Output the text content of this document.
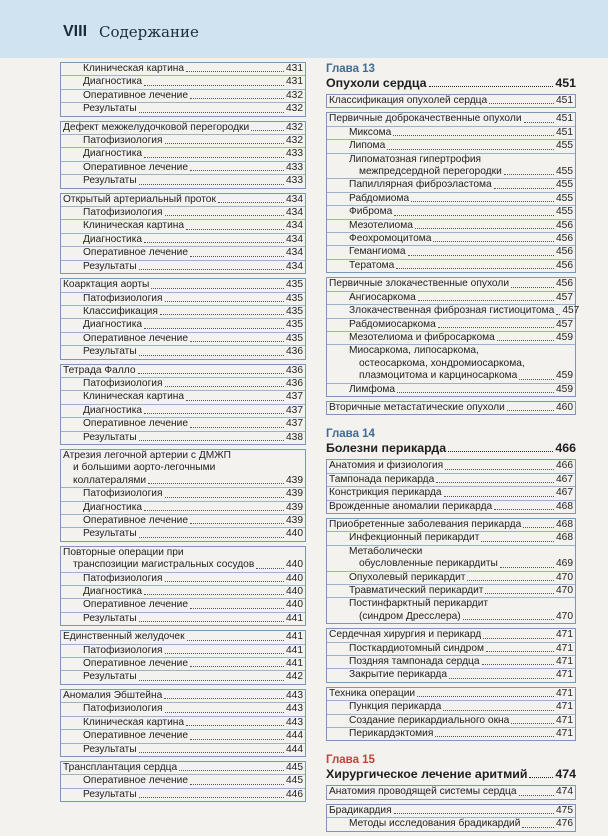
VIII Содержание
Клиническая картина	431
Диагностика	431
Оперативное лечение	432
Результаты	432
Дефект межжелудочковой перегородки	432
Патофизиология	432
Диагностика	433
Оперативное лечение	433
Результаты	433
Открытый артериальный проток	434
Патофизиология	434
Клиническая картина	434
Диагностика	434
Оперативное лечение	434
Результаты	434
Коарктация аорты	435
Патофизиология	435
Классификация	435
Диагностика	435
Оперативное лечение	435
Результаты	436
Тетрада Фалло	436
Патофизиология	436
Клиническая картина	437
Диагностика	437
Оперативное лечение	437
Результаты	438
Атрезия легочной артерии с ДМЖП
и большими аорто-легочными
коллатералями	439
Патофизиология	439
Диагностика	439
Оперативное лечение	439
Результаты	440
Повторные операции при
транспозиции магистральных сосудов	440
Патофизиология	440
Диагностика	440
Оперативное лечение	440
Результаты	441
Единственный желудочек	441
Патофизиология	441
Оперативное лечение	441
Результаты	442
Аномалия Эбштейна	443
Патофизиология	443
Клиническая картина	443
Оперативное лечение	444
Результаты	444
Трансплантация сердца	445
Оперативное лечение	445
Результаты	446
Глава 13
Опухоли сердца	451
Классификация опухолей сердца	451
Первичные доброкачественные опухоли	451
Миксома	451
Липома	455
Липоматозная гипертрофия
межпредсердной перегородки	455
Папиллярная фиброэластома	455
Рабдомиома	455
Фиброма	455
Мезотелиома	456
Феохромоцитома	456
Гемангиома	456
Тератома	456
Первичные злокачественные опухоли	456
Ангиосаркома	457
Злокачественная фиброзная гистиоцитома 457
Рабдомиосаркома	457
Мезотелиома и фибросаркома	459
Миосаркома, липосаркома,
остеосаркома, хондромиосаркома,
плазмоцитома и карциносаркома	459
Лимфома	459
Вторичные метастатические опухоли	460
Глава 14
Болезни перикарда	466
Анатомия и физиология	466
Тампонада перикарда	467
Констрикция перикарда	467
Врожденные аномалии перикарда	468
Приобретенные заболевания перикарда	468
Инфекционный перикардит	468
Метаболически
обусловленные перикардиты	469
Опухолевый перикардит	470
Травматический перикардит	470
Постинфарктный перикардит
(синдром Дресслера)	470
Сердечная хирургия и перикард	471
Посткардиотомный синдром	471
Поздняя тампонада сердца	471
Закрытие перикарда	471
Техника операции	471
Пункция перикарда	471
Создание перикардиального окна	471
Перикардэктомия	471
Глава 15
Хирургическое лечение аритмий 474
Анатомия проводящей системы сердца	474
Брадикардия	475
Методы исследования брадикардий	476
